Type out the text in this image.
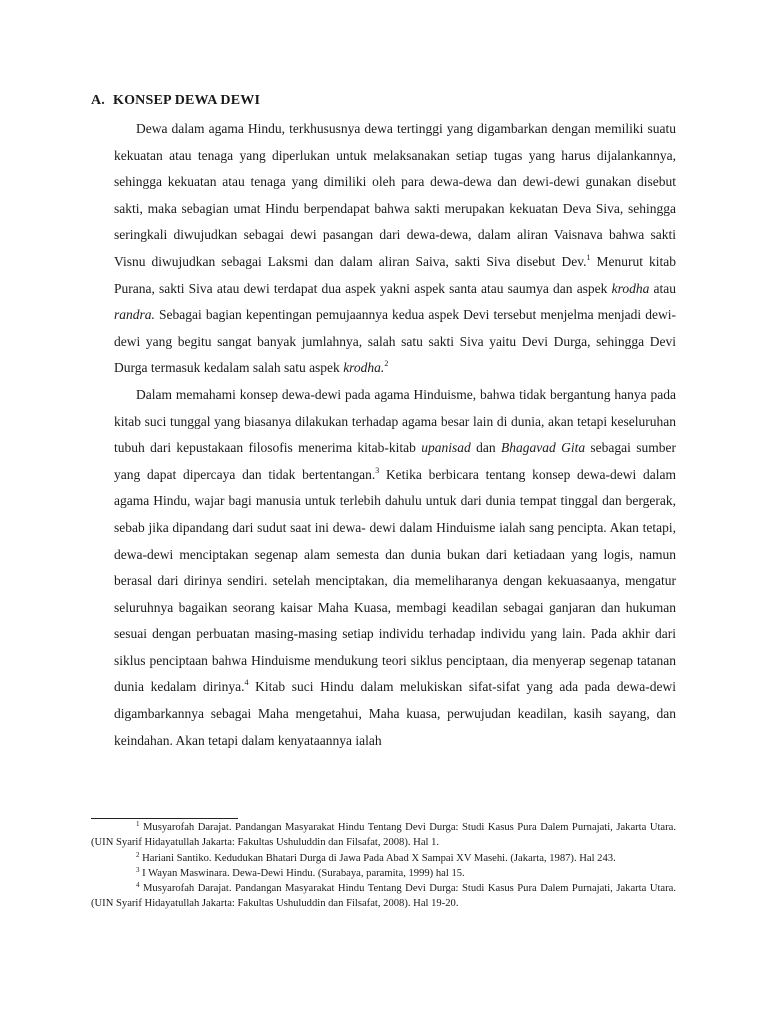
A. KONSEP DEWA DEWI

Dewa dalam agama Hindu, terkhususnya dewa tertinggi yang digambarkan dengan memiliki suatu kekuatan atau tenaga yang diperlukan untuk melaksanakan setiap tugas yang harus dijalankannya, sehingga kekuatan atau tenaga yang dimiliki oleh para dewa-dewa dan dewi-dewi gunakan disebut sakti, maka sebagian umat Hindu berpendapat bahwa sakti merupakan kekuatan Deva Siva, sehingga seringkali diwujudkan sebagai dewi pasangan dari dewa-dewa, dalam aliran Vaisnava bahwa sakti Visnu diwujudkan sebagai Laksmi dan dalam aliran Saiva, sakti Siva disebut Dev.$^1$ Menurut kitab Purana, sakti Siva atau dewi terdapat dua aspek yakni aspek santa atau saumya dan aspek krodha atau randra. Sebagai bagian kepentingan pemujaannya kedua aspek Devi tersebut menjelma menjadi dewi-dewi yang begitu sangat banyak jumlahnya, salah satu sakti Siva yaitu Devi Durga, sehingga Devi Durga termasuk kedalam salah satu aspek krodha.$^2$

Dalam memahami konsep dewa-dewi pada agama Hinduisme, bahwa tidak bergantung hanya pada kitab suci tunggal yang biasanya dilakukan terhadap agama besar lain di dunia, akan tetapi keseluruhan tubuh dari kepustakaan filosofis menerima kitab-kitab upanisad dan Bhagavad Gita sebagai sumber yang dapat dipercaya dan tidak bertentangan.$^3$ Ketika berbicara tentang konsep dewa-dewi dalam agama Hindu, wajar bagi manusia untuk terlebih dahulu untuk dari dunia tempat tinggal dan bergerak, sebab jika dipandang dari sudut saat ini dewa- dewi dalam Hinduisme ialah sang pencipta. Akan tetapi, dewa-dewi menciptakan segenap alam semesta dan dunia bukan dari ketiadaan yang logis, namun berasal dari dirinya sendiri. setelah menciptakan, dia memeliharanya dengan kekuasaanya, mengatur seluruhnya bagaikan seorang kaisar Maha Kuasa, membagi keadilan sebagai ganjaran dan hukuman sesuai dengan perbuatan masing-masing setiap individu terhadap individu yang lain. Pada akhir dari siklus penciptaan bahwa Hinduisme mendukung teori siklus penciptaan, dia menyerap segenap tatanan dunia kedalam dirinya.$^4$ Kitab suci Hindu dalam melukiskan sifat-sifat yang ada pada dewa-dewi digambarkannya sebagai Maha mengetahui, Maha kuasa, perwujudan keadilan, kasih sayang, dan keindahan. Akan tetapi dalam kenyataannya ialah

$^1$ Musyarofah Darajat. Pandangan Masyarakat Hindu Tentang Devi Durga: Studi Kasus Pura Dalem Purnajati, Jakarta Utara. (UIN Syarif Hidayatullah Jakarta: Fakultas Ushuluddin dan Filsafat, 2008). Hal 1.

$^2$ Hariani Santiko. Kedudukan Bhatari Durga di Jawa Pada Abad X Sampai XV Masehi. (Jakarta, 1987). Hal 243.

$^3$ I Wayan Maswinara. Dewa-Dewi Hindu. (Surabaya, paramita, 1999) hal 15.

$^4$ Musyarofah Darajat. Pandangan Masyarakat Hindu Tentang Devi Durga: Studi Kasus Pura Dalem Purnajati, Jakarta Utara. (UIN Syarif Hidayatullah Jakarta: Fakultas Ushuluddin dan Filsafat, 2008). Hal 19-20.
